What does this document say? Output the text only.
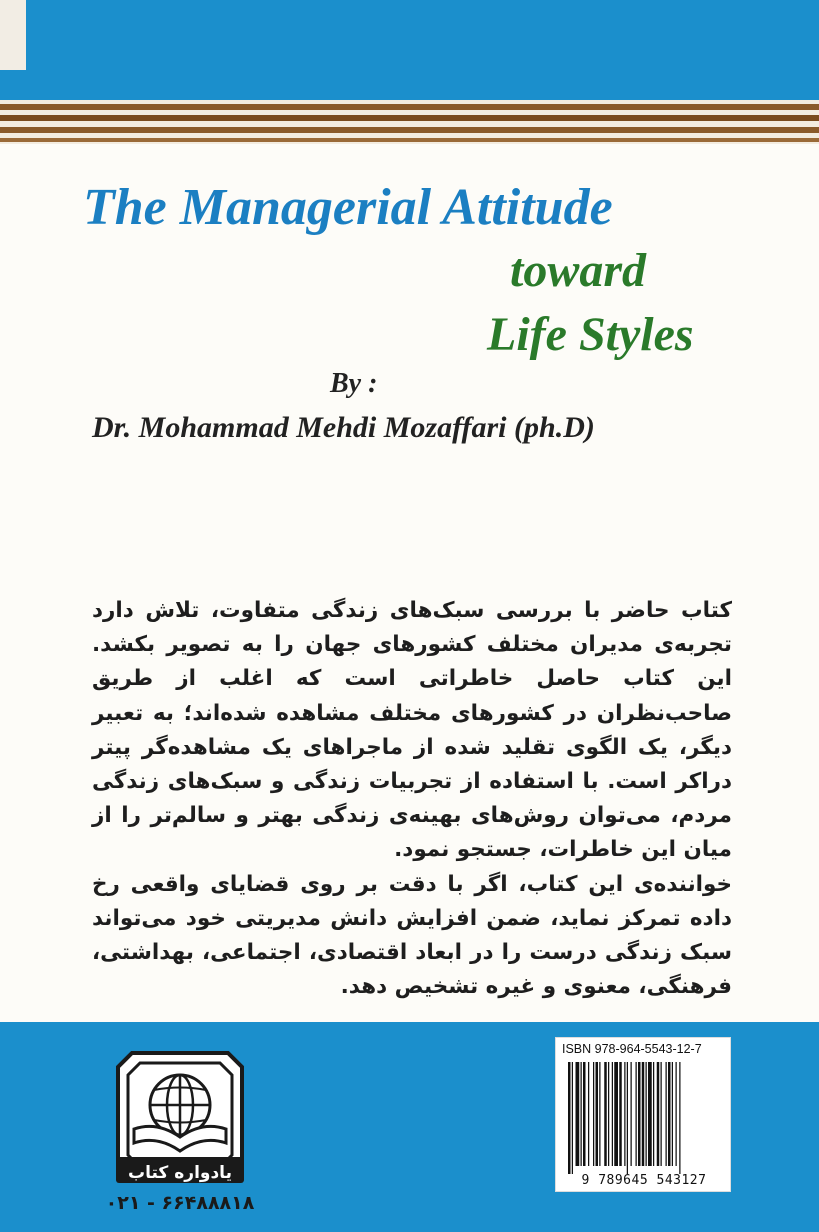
The Managerial Attitude
toward
Life Styles
By :
Dr. Mohammad Mehdi Mozaffari (ph.D)

کتاب حاضر با بررسی سبک‌های زندگی متفاوت، تلاش دارد تجربه‌ی مدیران مختلف کشورهای جهان را به تصویر بکشد. این کتاب حاصل خاطراتی است که اغلب از طریق صاحب‌نظران در کشورهای مختلف مشاهده شده‌اند؛ به تعبیر دیگر، یک الگوی تقلید شده از ماجراهای یک مشاهده‌گر پیتر دراکر است. با استفاده از تجربیات زندگی و سبک‌های زندگی مردم، می‌توان روش‌های بهینه‌ی زندگی بهتر و سالم‌تر را از میان این خاطرات، جستجو نمود.

خواننده‌ی این کتاب، اگر با دقت بر روی قضایای واقعی رخ داده تمرکز نماید، ضمن افزایش دانش مدیریتی خود می‌تواند سبک زندگی درست را در ابعاد اقتصادی، اجتماعی، بهداشتی، فرهنگی، معنوی و غیره تشخیص دهد.

یادواره کتاب
۰۲۱ - ۶۶۴۸۸۸۱۸
ISBN 978-964-5543-12-7
9 789645 543127
